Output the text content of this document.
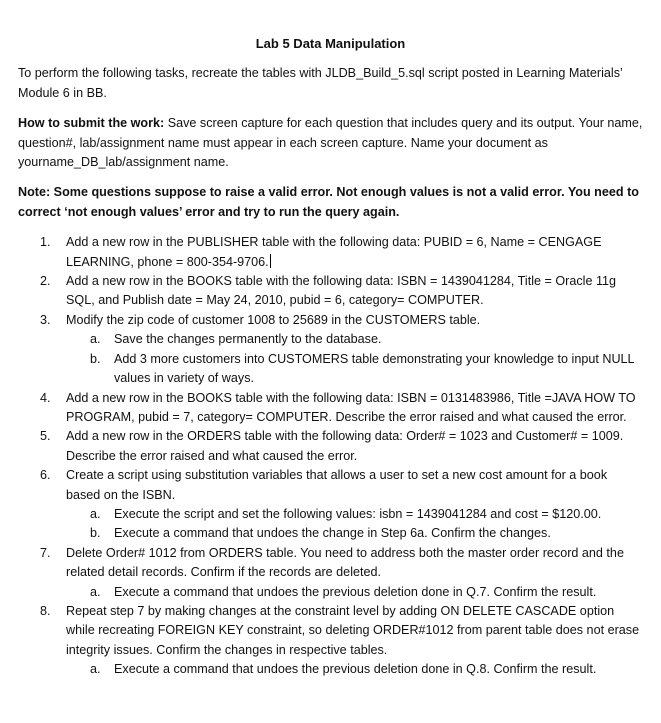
Lab 5 Data Manipulation
To perform the following tasks, recreate the tables with JLDB_Build_5.sql script posted in Learning Materials’ Module 6 in BB.
How to submit the work: Save screen capture for each question that includes query and its output. Your name, question#, lab/assignment name must appear in each screen capture. Name your document as yourname_DB_lab/assignment name.
Note: Some questions suppose to raise a valid error. Not enough values is not a valid error. You need to correct ‘not enough values’ error and try to run the query again.
1. Add a new row in the PUBLISHER table with the following data: PUBID = 6, Name = CENGAGE LEARNING, phone = 800-354-9706.
2. Add a new row in the BOOKS table with the following data: ISBN = 1439041284, Title = Oracle 11g SQL, and Publish date = May 24, 2010, pubid = 6, category= COMPUTER.
3. Modify the zip code of customer 1008 to 25689 in the CUSTOMERS table.
a. Save the changes permanently to the database.
b. Add 3 more customers into CUSTOMERS table demonstrating your knowledge to input NULL values in variety of ways.
4. Add a new row in the BOOKS table with the following data: ISBN = 0131483986, Title =JAVA HOW TO PROGRAM, pubid = 7, category= COMPUTER. Describe the error raised and what caused the error.
5. Add a new row in the ORDERS table with the following data: Order# = 1023 and Customer# = 1009. Describe the error raised and what caused the error.
6. Create a script using substitution variables that allows a user to set a new cost amount for a book based on the ISBN.
a. Execute the script and set the following values: isbn = 1439041284 and cost = $120.00.
b. Execute a command that undoes the change in Step 6a. Confirm the changes.
7. Delete Order# 1012 from ORDERS table. You need to address both the master order record and the related detail records. Confirm if the records are deleted.
a. Execute a command that undoes the previous deletion done in Q.7. Confirm the result.
8. Repeat step 7 by making changes at the constraint level by adding ON DELETE CASCADE option while recreating FOREIGN KEY constraint, so deleting ORDER#1012 from parent table does not erase integrity issues. Confirm the changes in respective tables.
a. Execute a command that undoes the previous deletion done in Q.8. Confirm the result.
